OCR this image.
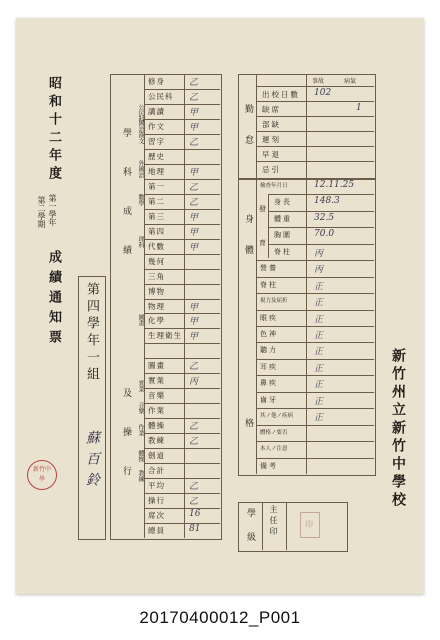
昭和十二年度
第一學年
第二學期
成績通知票 第四學年一組
蘇百鈴
新竹中學
學科成績
及操行
公民科
國語漢文
外國語
數學
理科
圖畫
實業
音樂
作業
體操
教練
修身	乙
公民科 乙
講讀	甲
作文	甲
習字	乙
歷史
地理	甲
第一	乙
第二	乙
第三	甲
第四	甲
代數	甲
幾何
三角
博物
物理	甲
化學	甲
生理衛生 甲
圖畫	乙
實業	丙
音樂
作業
體操	乙
教練	乙
劍道
合計
平均	乙
操行	乙
席次	16
總員	81
勤怠
事故	病氣
出校日數 102
缺席	1
部缺
遲刻
早退
忌引
身體
格
發
育
檢查年月日	12.11.25
身長 148.3
體重 32.5
胸圍 70.0
脊柱 丙
營養	丙
脊柱	正
視力及屈折	正
眼疾	正
色神	正
聽力	正
耳疾	正
鼻疾	正
齒牙	正
其ノ他ノ疾病 正
體格ノ要否
本人ノ注意
備考
學
級 主任印	印
新竹州立新竹中學校
20170400012_P001
